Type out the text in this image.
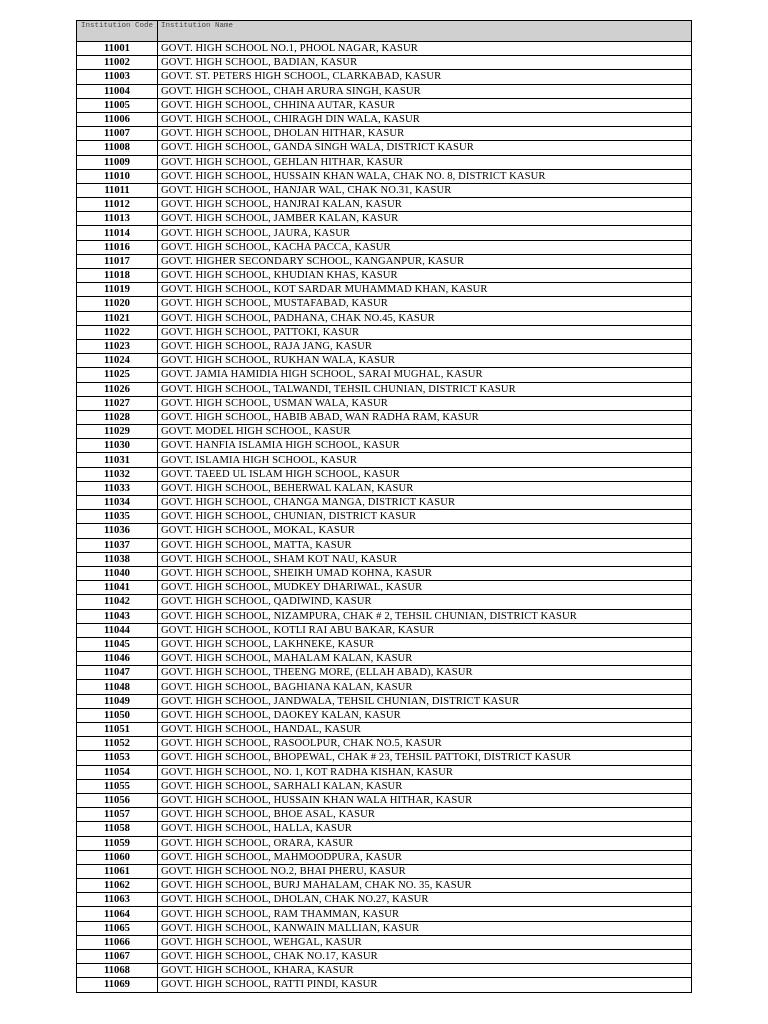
Institution Code	Institution Name
11001	GOVT. HIGH SCHOOL NO.1, PHOOL NAGAR, KASUR
11002	GOVT. HIGH SCHOOL, BADIAN, KASUR
11003	GOVT. ST. PETERS HIGH SCHOOL, CLARKABAD, KASUR
11004	GOVT. HIGH SCHOOL, CHAH ARURA SINGH, KASUR
11005	GOVT. HIGH SCHOOL, CHHINA AUTAR, KASUR
11006	GOVT. HIGH SCHOOL, CHIRAGH DIN WALA, KASUR
11007	GOVT. HIGH SCHOOL, DHOLAN HITHAR, KASUR
11008	GOVT. HIGH SCHOOL, GANDA SINGH WALA, DISTRICT KASUR
11009	GOVT. HIGH SCHOOL, GEHLAN HITHAR, KASUR
11010	GOVT. HIGH SCHOOL, HUSSAIN KHAN WALA, CHAK NO. 8, DISTRICT KASUR
11011	GOVT. HIGH SCHOOL, HANJAR WAL, CHAK NO.31, KASUR
11012	GOVT. HIGH SCHOOL, HANJRAI KALAN, KASUR
11013	GOVT. HIGH SCHOOL, JAMBER KALAN, KASUR
11014	GOVT. HIGH SCHOOL, JAURA, KASUR
11016	GOVT. HIGH SCHOOL, KACHA PACCA, KASUR
11017	GOVT. HIGHER SECONDARY SCHOOL, KANGANPUR, KASUR
11018	GOVT. HIGH SCHOOL, KHUDIAN KHAS, KASUR
11019	GOVT. HIGH SCHOOL, KOT SARDAR MUHAMMAD KHAN, KASUR
11020	GOVT. HIGH SCHOOL, MUSTAFABAD, KASUR
11021	GOVT. HIGH SCHOOL, PADHANA, CHAK NO.45, KASUR
11022	GOVT. HIGH SCHOOL, PATTOKI, KASUR
11023	GOVT. HIGH SCHOOL, RAJA JANG, KASUR
11024	GOVT. HIGH SCHOOL, RUKHAN WALA, KASUR
11025	GOVT. JAMIA HAMIDIA HIGH SCHOOL, SARAI MUGHAL, KASUR
11026	GOVT. HIGH SCHOOL, TALWANDI, TEHSIL CHUNIAN, DISTRICT KASUR
11027	GOVT. HIGH SCHOOL, USMAN WALA, KASUR
11028	GOVT. HIGH SCHOOL, HABIB ABAD, WAN RADHA RAM, KASUR
11029	GOVT. MODEL HIGH SCHOOL, KASUR
11030	GOVT. HANFIA ISLAMIA HIGH SCHOOL, KASUR
11031	GOVT. ISLAMIA HIGH SCHOOL, KASUR
11032	GOVT. TAEED UL ISLAM HIGH SCHOOL, KASUR
11033	GOVT. HIGH SCHOOL, BEHERWAL KALAN, KASUR
11034	GOVT. HIGH SCHOOL, CHANGA MANGA, DISTRICT KASUR
11035	GOVT. HIGH SCHOOL, CHUNIAN, DISTRICT KASUR
11036	GOVT. HIGH SCHOOL, MOKAL, KASUR
11037	GOVT. HIGH SCHOOL, MATTA, KASUR
11038	GOVT. HIGH SCHOOL, SHAM KOT NAU, KASUR
11040	GOVT. HIGH SCHOOL, SHEIKH UMAD KOHNA, KASUR
11041	GOVT. HIGH SCHOOL, MUDKEY DHARIWAL, KASUR
11042	GOVT. HIGH SCHOOL, QADIWIND, KASUR
11043	GOVT. HIGH SCHOOL, NIZAMPURA, CHAK # 2, TEHSIL CHUNIAN, DISTRICT KASUR
11044	GOVT. HIGH SCHOOL, KOTLI RAI ABU BAKAR, KASUR
11045	GOVT. HIGH SCHOOL, LAKHNEKE, KASUR
11046	GOVT. HIGH SCHOOL, MAHALAM KALAN, KASUR
11047	GOVT. HIGH SCHOOL, THEENG MORE, (ELLAH ABAD), KASUR
11048	GOVT. HIGH SCHOOL, BAGHIANA KALAN, KASUR
11049	GOVT. HIGH SCHOOL, JANDWALA, TEHSIL CHUNIAN, DISTRICT KASUR
11050	GOVT. HIGH SCHOOL, DAOKEY KALAN, KASUR
11051	GOVT. HIGH SCHOOL, HANDAL, KASUR
11052	GOVT. HIGH SCHOOL, RASOOLPUR, CHAK NO.5, KASUR
11053	GOVT. HIGH SCHOOL, BHOPEWAL, CHAK # 23, TEHSIL PATTOKI, DISTRICT KASUR
11054	GOVT. HIGH SCHOOL, NO. 1, KOT RADHA KISHAN, KASUR
11055	GOVT. HIGH SCHOOL, SARHALI KALAN, KASUR
11056	GOVT. HIGH SCHOOL, HUSSAIN KHAN WALA HITHAR, KASUR
11057	GOVT. HIGH SCHOOL, BHOE ASAL, KASUR
11058	GOVT. HIGH SCHOOL, HALLA, KASUR
11059	GOVT. HIGH SCHOOL, ORARA, KASUR
11060	GOVT. HIGH SCHOOL, MAHMOODPURA, KASUR
11061	GOVT. HIGH SCHOOL NO.2, BHAI PHERU, KASUR
11062	GOVT. HIGH SCHOOL, BURJ MAHALAM, CHAK NO. 35, KASUR
11063	GOVT. HIGH SCHOOL, DHOLAN, CHAK NO.27, KASUR
11064	GOVT. HIGH SCHOOL, RAM THAMMAN, KASUR
11065	GOVT. HIGH SCHOOL, KANWAIN MALLIAN, KASUR
11066	GOVT. HIGH SCHOOL, WEHGAL, KASUR
11067	GOVT. HIGH SCHOOL, CHAK NO.17, KASUR
11068	GOVT. HIGH SCHOOL, KHARA, KASUR
11069	GOVT. HIGH SCHOOL, RATTI PINDI, KASUR
